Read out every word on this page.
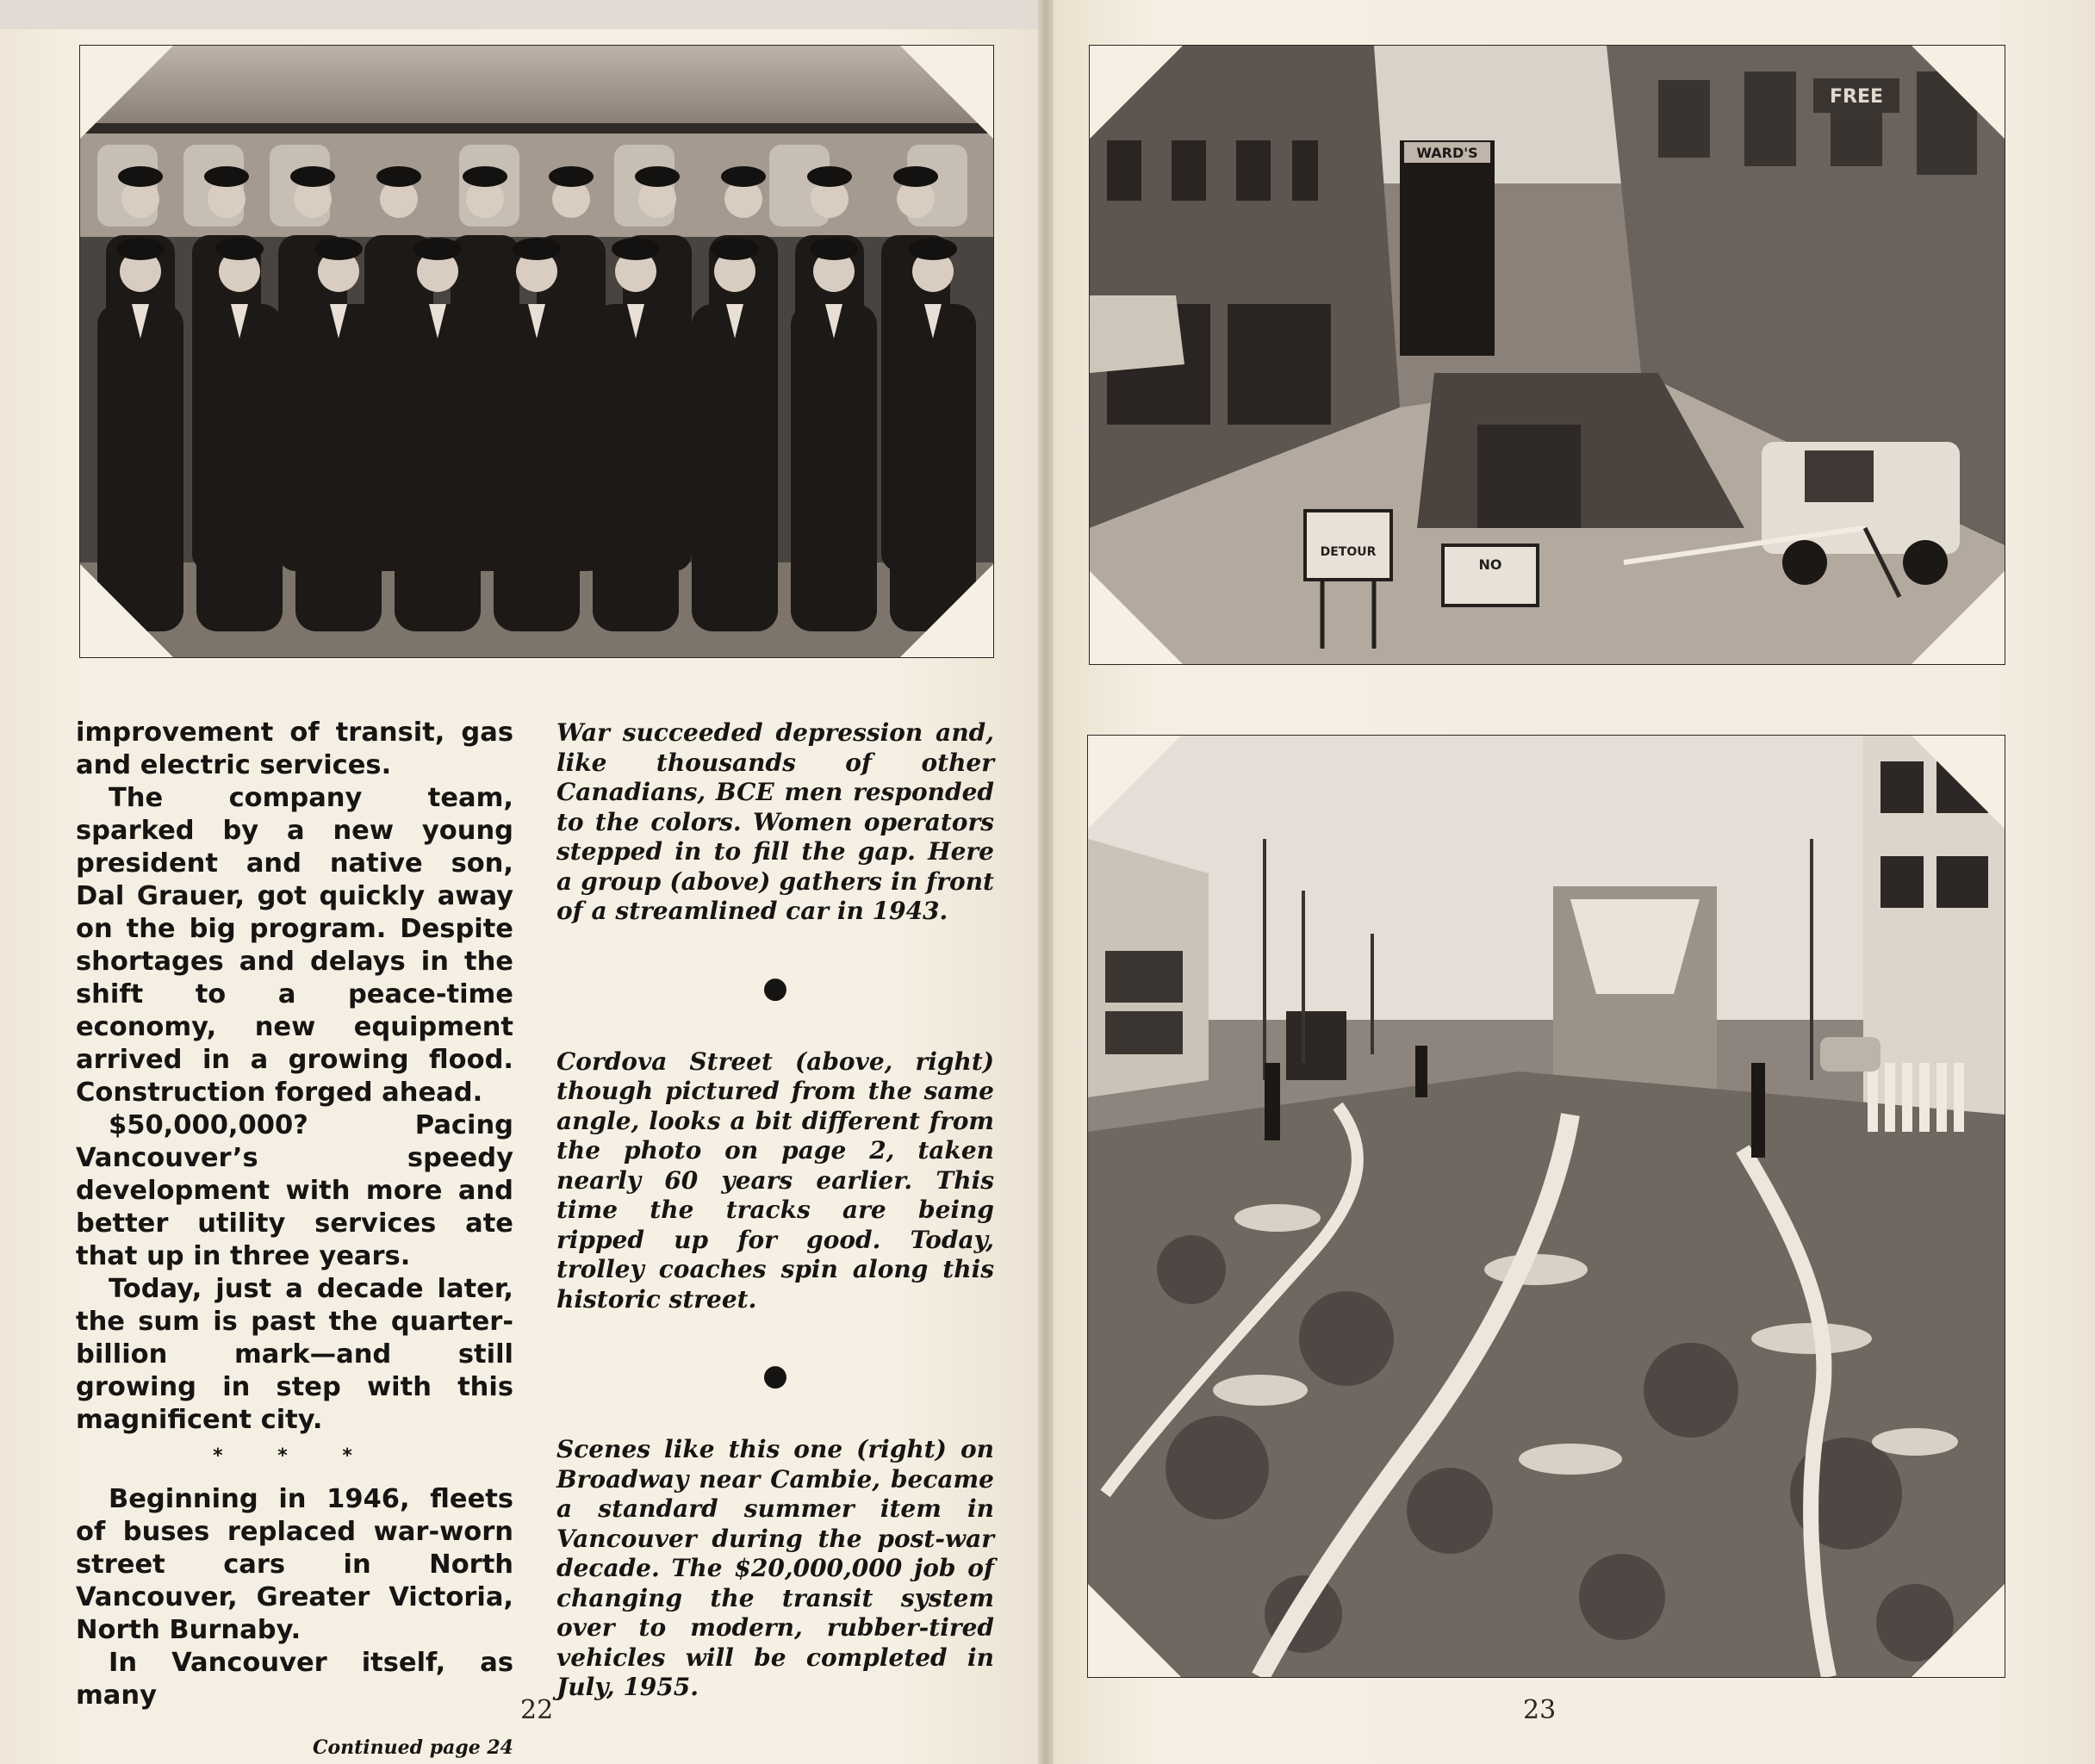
improvement of transit, gas and electric services.

The company team, sparked by a new young president and native son, Dal Grauer, got quickly away on the big program. Despite shortages and delays in the shift to a peace-time economy, new equipment arrived in a growing flood. Construction forged ahead.

$50,000,000? Pacing Vancouver’s speedy development with more and better utility services ate that up in three years.

Today, just a decade later, the sum is past the quarter-billion mark—and still growing in step with this magnificent city.

* * *

Beginning in 1946, fleets of buses replaced war-worn street cars in North Vancouver, Greater Victoria, North Burnaby.

In Vancouver itself, as many

Continued page 24

War succeeded depression and, like thousands of other Canadians, BCE men responded to the colors. Women operators stepped in to fill the gap. Here a group (above) gathers in front of a streamlined car in 1943.

●

Cordova Street (above, right) though pictured from the same angle, looks a bit different from the photo on page 2, taken nearly 60 years earlier. This time the tracks are being ripped up for good. Today, trolley coaches spin along this historic street.

●

Scenes like this one (right) on Broadway near Cambie, became a standard summer item in Vancouver during the post-war decade. The $20,000,000 job of changing the transit system over to modern, rubber-tired vehicles will be completed in July, 1955.

22
WARD'S
FREE
DETOUR
NO
23
